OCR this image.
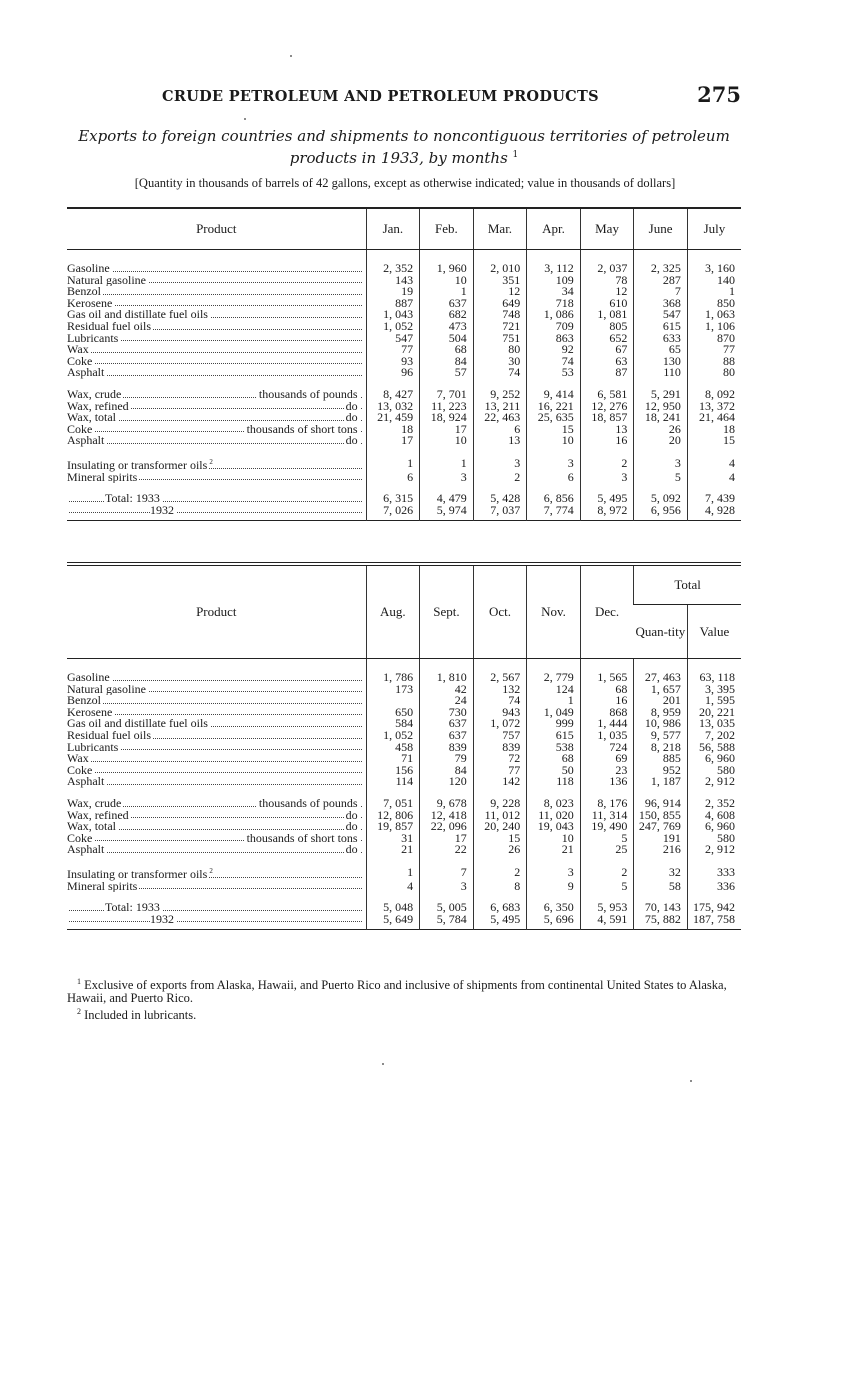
CRUDE PETROLEUM AND PETROLEUM PRODUCTS	275
Exports to foreign countries and shipments to noncontiguous territories of petroleum
products in 1933, by months $^1$
[Quantity in thousands of barrels of 42 gallons, except as otherwise indicated; value in thousands of dollars]
Product	Jan.	Feb.	Mar.	Apr.	May	June	July

Gasoline	2, 352	1, 960	2, 010	3, 112	2, 037	2, 325	3, 160
Natural gasoline	143	10	351	109	78	287	140
Benzol	19	1	12	34	12	7	1
Kerosene	887	637	649	718	610	368	850
Gas oil and distillate fuel oils	1, 043	682	748	1, 086	1, 081	547	1, 063
Residual fuel oils	1, 052	473	721	709	805	615	1, 106
Lubricants	547	504	751	863	652	633	870
Wax	77	68	80	92	67	65	77
Coke	93	84	30	74	63	130	88
Asphalt	96	57	74	53	87	110	80

Wax, crude thousands of pounds	8, 427	7, 701	9, 252	9, 414	6, 581	5, 291	8, 092
Wax, refined do	13, 032	11, 223	13, 211	16, 221	12, 276	12, 950	13, 372
Wax, total do	21, 459	18, 924	22, 463	25, 635	18, 857	18, 241	21, 464
Coke thousands of short tons	18	17	6	15	13	26	18
Asphalt do	17	10	13	10	16	20	15

Insulating or transformer oils $^2$	1	1	3	3	2	3	4
Mineral spirits	6	3	2	6	3	5	4

Total: 1933	6, 315	4, 479	5, 428	6, 856	5, 495	5, 092	7, 439
1932	7, 026	5, 974	7, 037	7, 774	8, 972	6, 956	4, 928

Product	Aug.	Sept.	Oct.	Nov.	Dec.	Total	
						Quan-tity	Value

Gasoline	1, 786	1, 810	2, 567	2, 779	1, 565	27, 463	63, 118
Natural gasoline	173	42	132	124	68	1, 657	3, 395
Benzol		24	74	1	16	201	1, 595
Kerosene	650	730	943	1, 049	868	8, 959	20, 221
Gas oil and distillate fuel oils	584	637	1, 072	999	1, 444	10, 986	13, 035
Residual fuel oils	1, 052	637	757	615	1, 035	9, 577	7, 202
Lubricants	458	839	839	538	724	8, 218	56, 588
Wax	71	79	72	68	69	885	6, 960
Coke	156	84	77	50	23	952	580
Asphalt	114	120	142	118	136	1, 187	2, 912

Wax, crude thousands of pounds	7, 051	9, 678	9, 228	8, 023	8, 176	96, 914	2, 352
Wax, refined do	12, 806	12, 418	11, 012	11, 020	11, 314	150, 855	4, 608
Wax, total do	19, 857	22, 096	20, 240	19, 043	19, 490	247, 769	6, 960
Coke thousands of short tons	31	17	15	10	5	191	580
Asphalt do	21	22	26	21	25	216	2, 912

Insulating or transformer oils $^2$	1	7	2	3	2	32	333
Mineral spirits	4	3	8	9	5	58	336

Total: 1933	5, 048	5, 005	6, 683	6, 350	5, 953	70, 143	175, 942
1932	5, 649	5, 784	5, 495	5, 696	4, 591	75, 882	187, 758

$^1$ Exclusive of exports from Alaska, Hawaii, and Puerto Rico and inclusive of shipments from continental United States to Alaska, Hawaii, and Puerto Rico.
$^2$ Included in lubricants.
